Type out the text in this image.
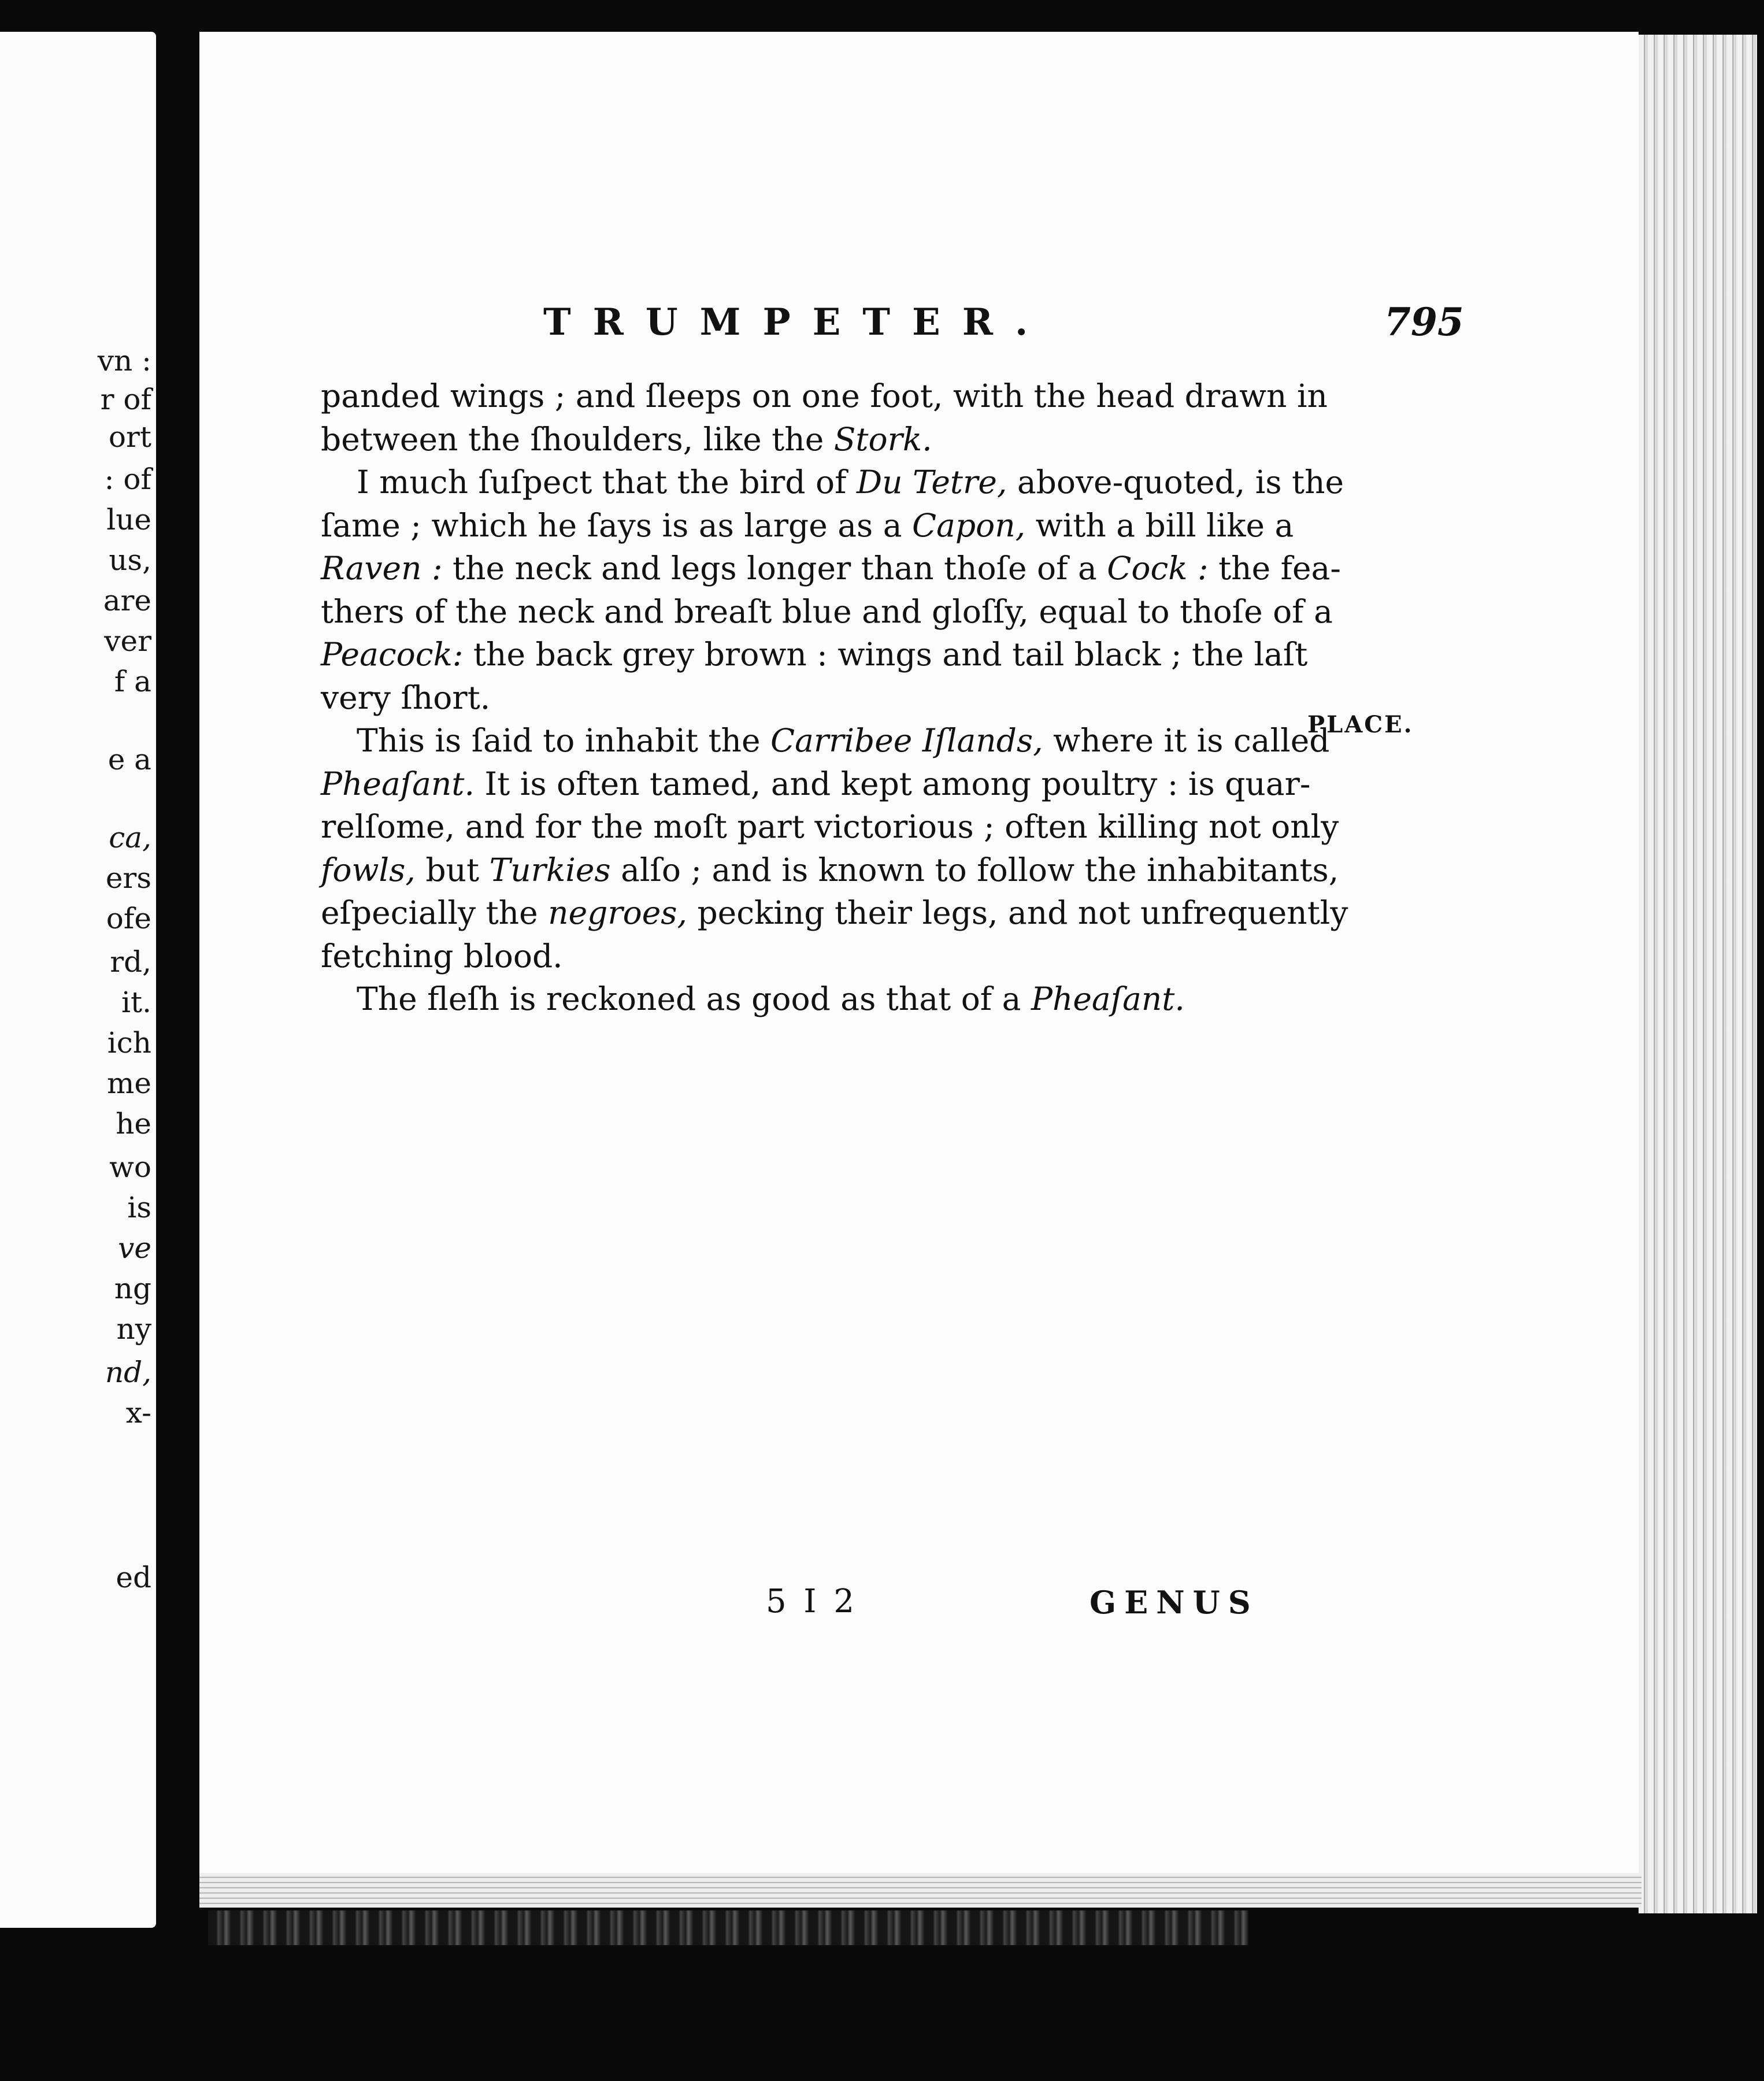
vn :
r of
ort
: of
lue
us,
are
ver
f a
e a
ca,
ers
ofe
rd,
it.
ich
me
he
wo
is
ve
ng
ny
nd,
x-
ed
TRUMPETER.	795
panded wings ; and ſleeps on one foot, with the head drawn in
between the ſhoulders, like the Stork.
I much ſuſpect that the bird of Du Tetre, above-quoted, is the
ſame ; which he ſays is as large as a Capon, with a bill like a
Raven : the neck and legs longer than thoſe of a Cock : the fea-
thers of the neck and breaſt blue and gloſſy, equal to thoſe of a
Peacock: the back grey brown : wings and tail black ; the laſt
very ſhort.
This is ſaid to inhabit the Carribee Iſlands, where it is called
Pheaſant. It is often tamed, and kept among poultry : is quar-
relſome, and for the moſt part victorious ; often killing not only
fowls, but Turkies alſo ; and is known to follow the inhabitants,
eſpecially the negroes, pecking their legs, and not unfrequently
fetching blood.
The fleſh is reckoned as good as that of a Pheaſant.
PLACE.
5 I 2	GENUS
